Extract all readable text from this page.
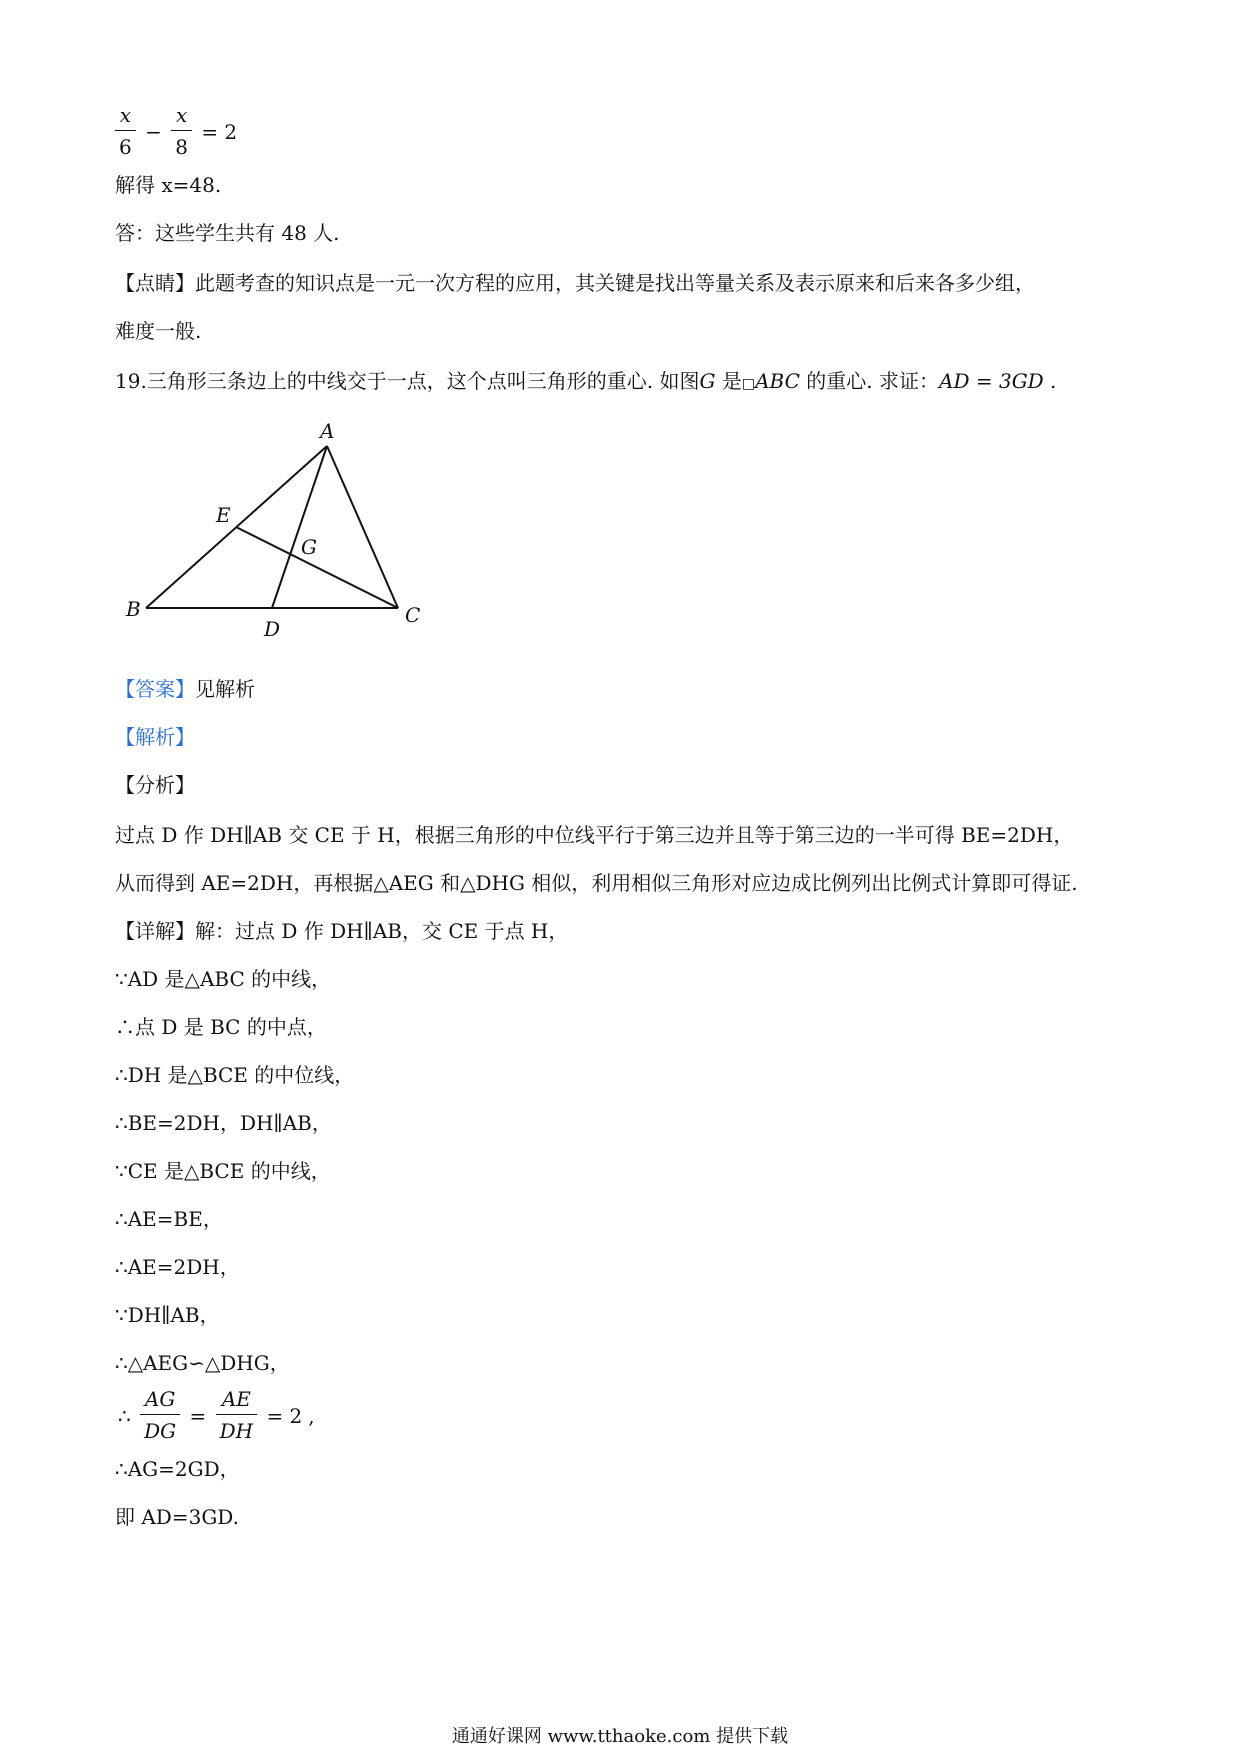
$\frac{x}{6} - \frac{x}{8} = 2$
解得 x=48.
答：这些学生共有 48 人.
【点睛】此题考查的知识点是一元一次方程的应用，其关键是找出等量关系及表示原来和后来各多少组，
难度一般.
19.三角形三条边上的中线交于一点，这个点叫三角形的重心. 如图G 是□ABC 的重心. 求证：AD = 3GD .
A
B	C
D
E
G
【答案】见解析
【解析】
【分析】
过点 D 作 DH∥AB 交 CE 于 H，根据三角形的中位线平行于第三边并且等于第三边的一半可得 BE=2DH，
从而得到 AE=2DH，再根据△AEG 和△DHG 相似，利用相似三角形对应边成比例列出比例式计算即可得证.
【详解】解：过点 D 作 DH∥AB，交 CE 于点 H，
∵AD 是△ABC 的中线，
∴点 D 是 BC 的中点，
∴DH 是△BCE 的中位线，
∴BE=2DH，DH∥AB，
∵CE 是△BCE 的中线，
∴AE=BE，
∴AE=2DH，
∵DH∥AB，
∴△AEG∽△DHG，
∴ $\frac{AG}{DG} = \frac{AE}{DH} = 2$,
∴AG=2GD，
即 AD=3GD.
通通好课网 www.tthaoke.com 提供下载
